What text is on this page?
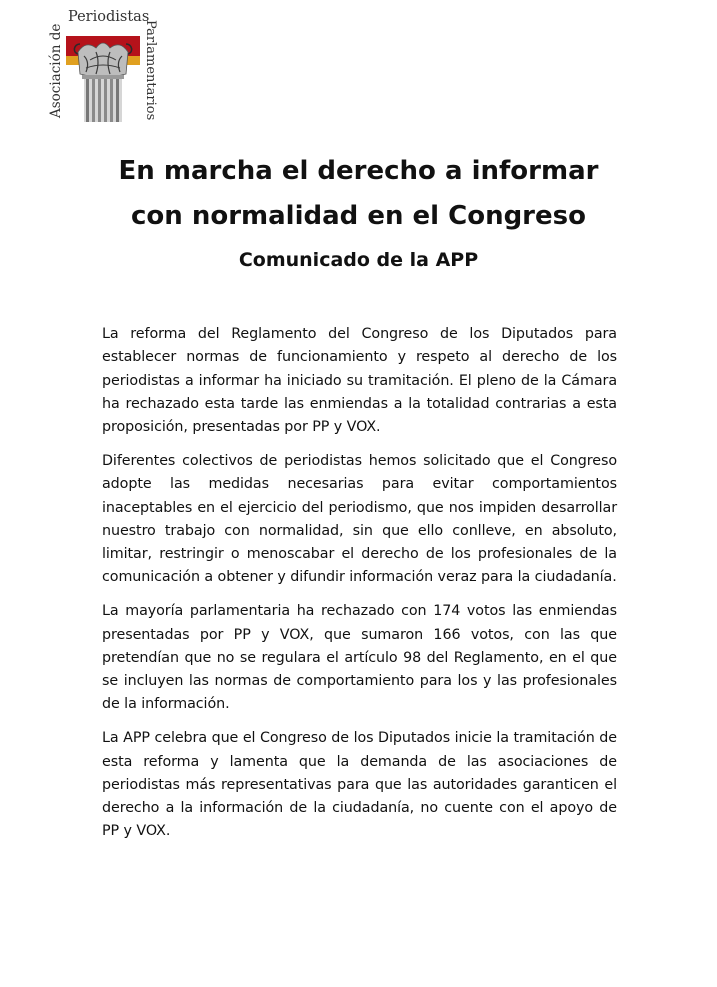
Periodistas
Asociación de	Parlamentarios
En marcha el derecho a informar
con normalidad en el Congreso
Comunicado de la APP

La reforma del Reglamento del Congreso de los Diputados para establecer normas de funcionamiento y respeto al derecho de los periodistas a informar ha iniciado su tramitación. El pleno de la Cámara ha rechazado esta tarde las enmiendas a la totalidad contrarias a esta proposición, presentadas por PP y VOX.

Diferentes colectivos de periodistas hemos solicitado que el Congreso adopte las medidas necesarias para evitar comportamientos inaceptables en el ejercicio del periodismo, que nos impiden desarrollar nuestro trabajo con normalidad, sin que ello conlleve, en absoluto, limitar, restringir o menoscabar el derecho de los profesionales de la comunicación a obtener y difundir información veraz para la ciudadanía.

La mayoría parlamentaria ha rechazado con 174 votos las enmiendas presentadas por PP y VOX, que sumaron 166 votos, con las que pretendían que no se regulara el artículo 98 del Reglamento, en el que se incluyen las normas de comportamiento para los y las profesionales de la información.

La APP celebra que el Congreso de los Diputados inicie la tramitación de esta reforma y lamenta que la demanda de las asociaciones de periodistas más representativas para que las autoridades garanticen el derecho a la información de la ciudadanía, no cuente con el apoyo de PP y VOX.
